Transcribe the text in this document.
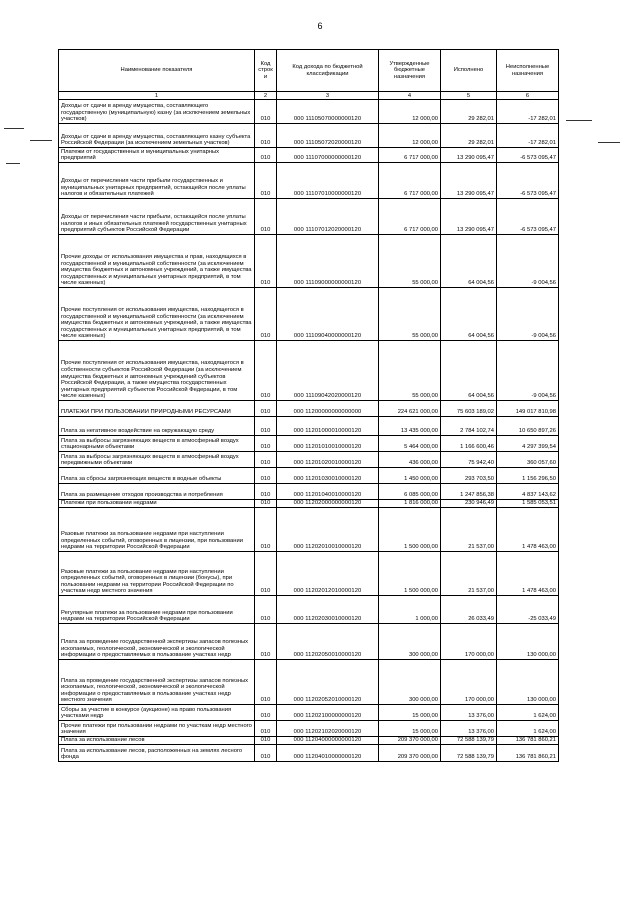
6
Наименование показателя	Код строк и	Код дохода по бюджетной классификации	Утвержденные бюджетные назначения	Исполнено	Неисполненные назначения
1	2	3	4	5	6
Доходы от сдачи в аренду имущества, составляющего государственную (муниципальную) казну (за исключением земельных участков)	010	000 11105070000000120	12 000,00	29 282,01	-17 282,01
Доходы от сдачи в аренду имущества, составляющего казну субъекта Российской Федерации (за исключением земельных участков)	010	000 11105072020000120	12 000,00	29 282,01	-17 282,01
Платежи от государственных и муниципальных унитарных предприятий	010	000 11107000000000120	6 717 000,00	13 290 095,47	-6 573 095,47
Доходы от перечисления части прибыли государственных и муниципальных унитарных предприятий, остающейся после уплаты налогов и обязательных платежей	010	000 11107010000000120	6 717 000,00	13 290 095,47	-6 573 095,47
Доходы от перечисления части прибыли, остающейся после уплаты налогов и иных обязательных платежей государственных унитарных предприятий субъектов Российской Федерации	010	000 11107012020000120	6 717 000,00	13 290 095,47	-6 573 095,47
Прочие доходы от использования имущества и прав, находящихся в государственной и муниципальной собственности (за исключением имущества бюджетных и автономных учреждений, а также имущества государственных и муниципальных унитарных предприятий, в том числе казенных)	010	000 11109000000000120	55 000,00	64 004,56	-9 004,56
Прочие поступления от использования имущества, находящегося в государственной и муниципальной собственности (за исключением имущества бюджетных и автономных учреждений, а также имущества государственных и муниципальных унитарных предприятий, в том числе казенных)	010	000 11109040000000120	55 000,00	64 004,56	-9 004,56
Прочие поступления от использования имущества, находящегося в собственности субъектов Российской Федерации (за исключением имущества бюджетных и автономных учреждений субъектов Российской Федерации, а также имущества государственных унитарных предприятий субъектов Российской Федерации, в том числе казенных)	010	000 11109042020000120	55 000,00	64 004,56	-9 004,56
ПЛАТЕЖИ ПРИ ПОЛЬЗОВАНИИ ПРИРОДНЫМИ РЕСУРСАМИ	010	000 11200000000000000	224 621 000,00	75 603 189,02	149 017 810,98
Плата за негативное воздействие на окружающую среду	010	000 11201000010000120	13 435 000,00	2 784 102,74	10 650 897,26
Плата за выбросы загрязняющих веществ в атмосферный воздух стационарными объектами	010	000 11201010010000120	5 464 000,00	1 166 600,46	4 297 399,54
Плата за выбросы загрязняющих веществ в атмосферный воздух передвижными объектами	010	000 11201020010000120	436 000,00	75 942,40	360 057,60
Плата за сбросы загрязняющих веществ в водные объекты	010	000 11201030010000120	1 450 000,00	293 703,50	1 156 296,50
Плата за размещение отходов производства и потребления	010	000 11201040010000120	6 085 000,00	1 247 856,38	4 837 143,62
Платежи при пользовании недрами	010	000 11202000000000120	1 816 000,00	230 946,49	1 585 053,51
Разовые платежи за пользование недрами при наступлении определенных событий, оговоренных в лицензии, при пользовании недрами на территории Российской Федерации	010	000 11202010010000120	1 500 000,00	21 537,00	1 478 463,00
Разовые платежи за пользование недрами при наступлении определенных событий, оговоренных в лицензии (бонусы), при пользовании недрами на территории Российской Федерации по участкам недр местного значения	010	000 11202012010000120	1 500 000,00	21 537,00	1 478 463,00
Регулярные платежи за пользование недрами при пользовании недрами на территории Российской Федерации	010	000 11202030010000120	1 000,00	26 033,49	-25 033,49
Плата за проведение государственной экспертизы запасов полезных ископаемых, геологической, экономической и экологической информации о предоставляемых в пользование участках недр	010	000 11202050010000120	300 000,00	170 000,00	130 000,00
Плата за проведение государственной экспертизы запасов полезных ископаемых, геологической, экономической и экологической информации о предоставляемых в пользование участках недр местного значения	010	000 11202052010000120	300 000,00	170 000,00	130 000,00
Сборы за участие в конкурсе (аукционе) на право пользования участками недр	010	000 11202100000000120	15 000,00	13 376,00	1 624,00
Прочие платежи при пользовании недрами по участкам недр местного значения	010	000 11202102020000120	15 000,00	13 376,00	1 624,00
Плата за использование лесов	010	000 11204000000000120	209 370 000,00	72 588 139,79	136 781 860,21
Плата за использование лесов, расположенных на землях лесного фонда	010	000 11204010000000120	209 370 000,00	72 588 139,79	136 781 860,21
